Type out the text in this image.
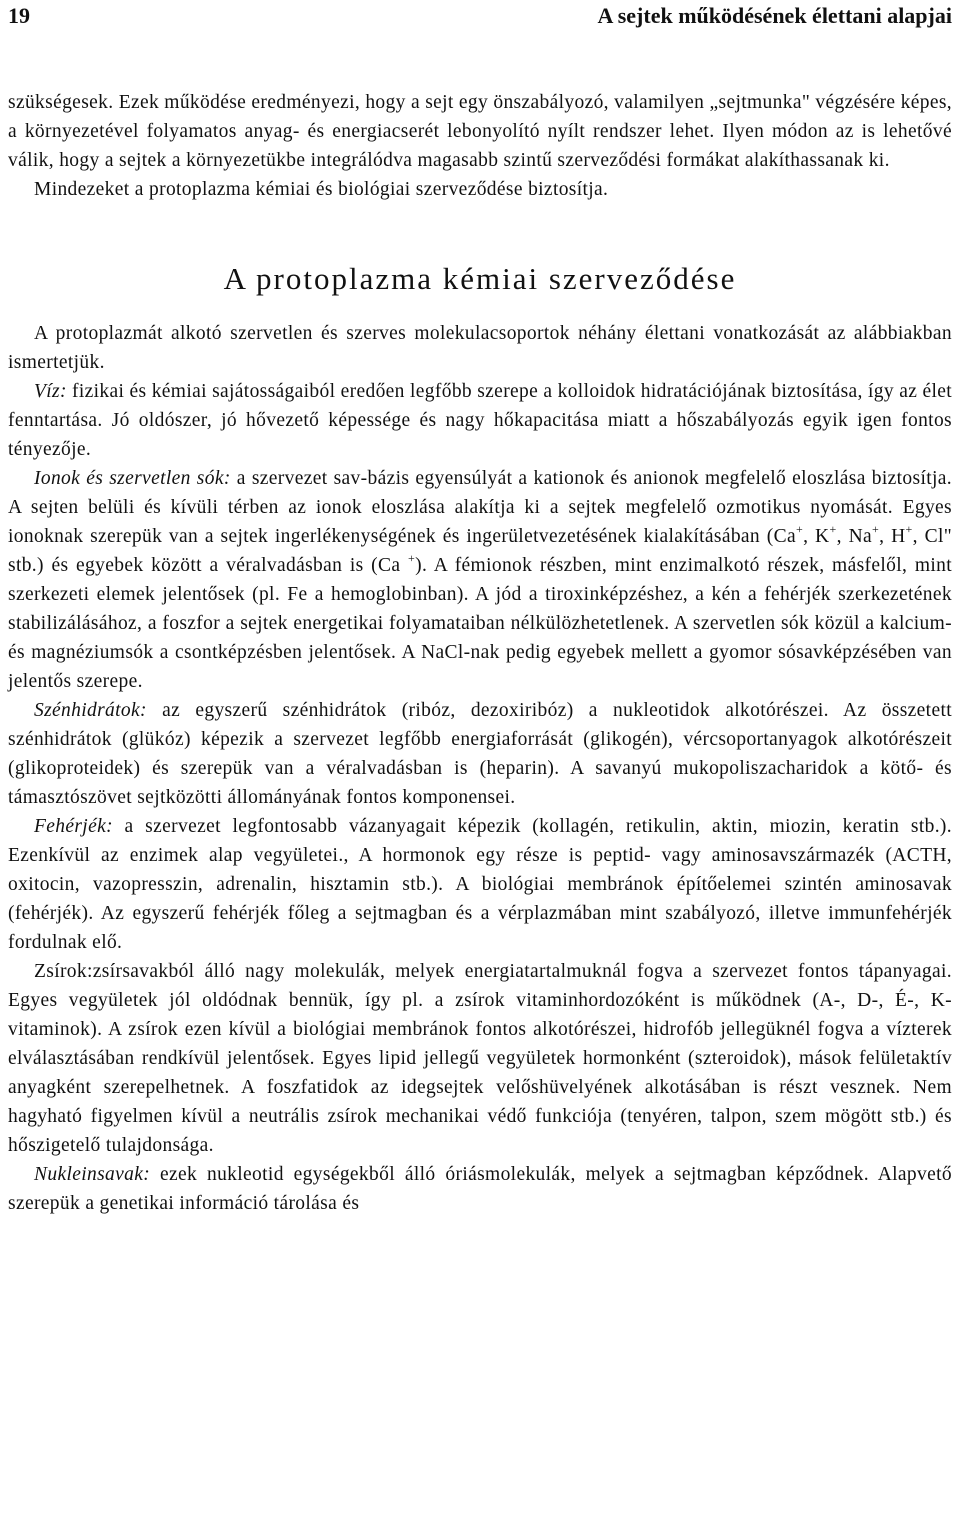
19	A sejtek működésének élettani alapjai

szükségesek. Ezek működése eredményezi, hogy a sejt egy önszabályozó, valamilyen „sejtmunka" végzésére képes, a környezetével folyamatos anyag- és energiacserét lebonyolító nyílt rendszer lehet. Ilyen módon az is lehetővé válik, hogy a sejtek a környezetükbe integrálódva magasabb szintű szerveződési formákat alakíthassanak ki.

Mindezeket a protoplazma kémiai és biológiai szerveződése biztosítja.

A protoplazma kémiai szerveződése

A protoplazmát alkotó szervetlen és szerves molekulacsoportok néhány élettani vonatkozását az alábbiakban ismertetjük.

Víz: fizikai és kémiai sajátosságaiból eredően legfőbb szerepe a kolloidok hidratációjának biztosítása, így az élet fenntartása. Jó oldószer, jó hővezető képessége és nagy hőkapacitása miatt a hőszabályozás egyik igen fontos tényezője.

Ionok és szervetlen sók: a szervezet sav-bázis egyensúlyát a kationok és anionok megfelelő eloszlása biztosítja. A sejten belüli és kívüli térben az ionok eloszlása alakítja ki a sejtek megfelelő ozmotikus nyomását. Egyes ionoknak szerepük van a sejtek ingerlékenységének és ingerületvezetésének kialakításában (Ca+, K+, Na+, H+, Cl" stb.) és egyebek között a véralvadásban is (Ca +). A fémionok részben, mint enzimalkotó részek, másfelől, mint szerkezeti elemek jelentősek (pl. Fe a hemoglobinban). A jód a tiroxinképzéshez, a kén a fehérjék szerkezetének stabilizálásához, a foszfor a sejtek energetikai folyamataiban nélkülözhetetlenek. A szervetlen sók közül a kalcium- és magnéziumsók a csontképzésben jelentősek. A NaCl-nak pedig egyebek mellett a gyomor sósavképzésében van jelentős szerepe.

Szénhidrátok: az egyszerű szénhidrátok (ribóz, dezoxiribóz) a nukleotidok alkotórészei. Az összetett szénhidrátok (glükóz) képezik a szervezet legfőbb energiaforrását (glikogén), vércsoportanyagok alkotórészeit (glikoproteidek) és szerepük van a véralvadásban is (heparin). A savanyú mukopoliszacharidok a kötő- és támasztószövet sejtközötti állományának fontos komponensei.

Fehérjék: a szervezet legfontosabb vázanyagait képezik (kollagén, retikulin, aktin, miozin, keratin stb.). Ezenkívül az enzimek alap vegyületei., A hormonok egy része is peptid- vagy aminosavszármazék (ACTH, oxitocin, vazopresszin, adrenalin, hisztamin stb.). A biológiai membránok építőelemei szintén aminosavak (fehérjék). Az egyszerű fehérjék főleg a sejtmagban és a vérplazmában mint szabályozó, illetve immunfehérjék fordulnak elő.

Zsírok:zsírsavakból álló nagy molekulák, melyek energiatartalmuknál fogva a szervezet fontos tápanyagai. Egyes vegyületek jól oldódnak bennük, így pl. a zsírok vitaminhordozóként is működnek (A-, D-, É-, K-vitaminok). A zsírok ezen kívül a biológiai membránok fontos alkotórészei, hidrofób jellegüknél fogva a vízterek elválasztásában rendkívül jelentősek. Egyes lipid jellegű vegyületek hormonként (szteroidok), mások felületaktív anyagként szerepelhetnek. A foszfatidok az idegsejtek velőshüvelyének alkotásában is részt vesznek. Nem hagyható figyelmen kívül a neutrális zsírok mechanikai védő funkciója (tenyéren, talpon, szem mögött stb.) és hőszigetelő tulajdonsága.

Nukleinsavak: ezek nukleotid egységekből álló óriásmolekulák, melyek a sejtmagban képződnek. Alapvető szerepük a genetikai információ tárolása és
